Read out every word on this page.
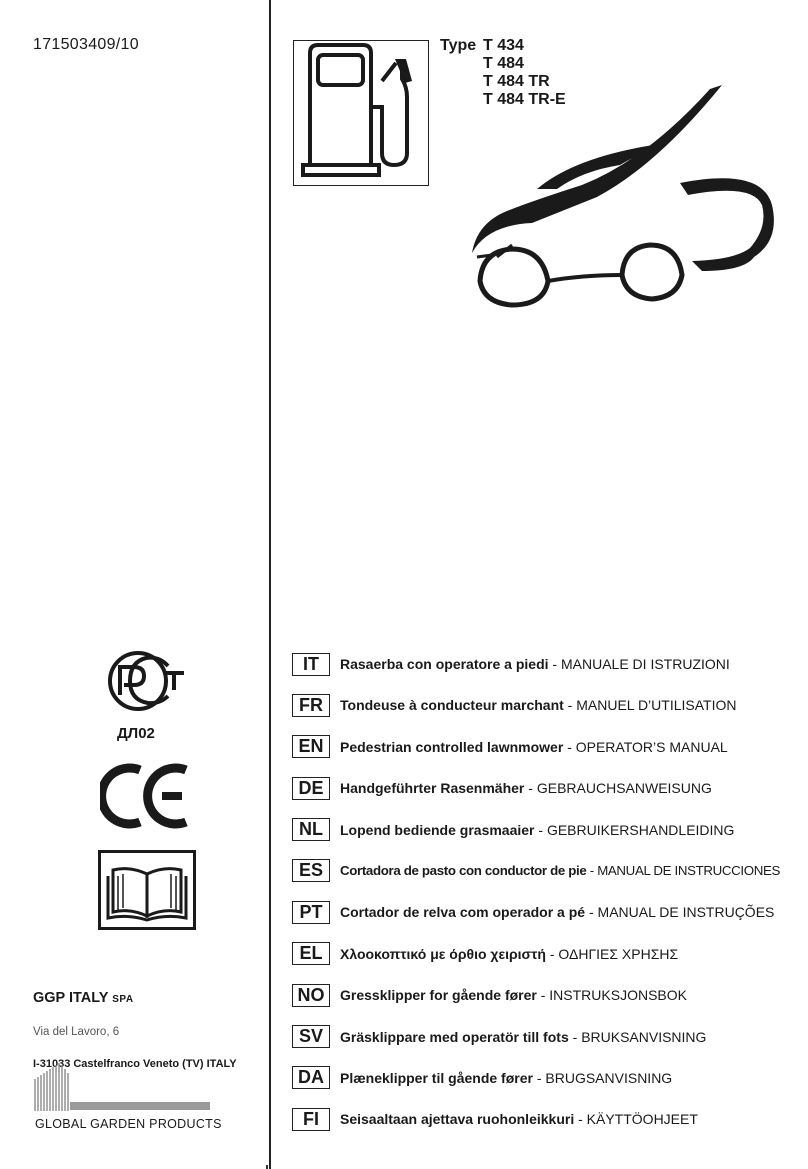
171503409/10	Type T 434
T 484
T 484 TR
T 484 TR-E
ДЛ02
GGP ITALY SPA
Via del Lavoro, 6
I-31033 Castelfranco Veneto (TV) ITALY
GLOBAL GARDEN PRODUCTS
IT	Rasaerba con operatore a piedi - MANUALE DI ISTRUZIONI
FR	Tondeuse à conducteur marchant - MANUEL D’UTILISATION
EN	Pedestrian controlled lawnmower - OPERATOR’S MANUAL
DE	Handgeführter Rasenmäher - GEBRAUCHSANWEISUNG
NL	Lopend bediende grasmaaier - GEBRUIKERSHANDLEIDING
ES	Cortadora de pasto con conductor de pie - MANUAL DE INSTRUCCIONES
PT	Cortador de relva com operador a pé - MANUAL DE INSTRUÇÕES
EL	Χλοοκοπτικό με όρθιο χειριστή - ΟΔΗΓΙΕΣ ΧΡΗΣΗΣ
NO	Gressklipper for gående fører - INSTRUKSJONSBOK
SV	Gräsklippare med operatör till fots - BRUKSANVISNING
DA	Plæneklipper til gående fører - BRUGSANVISNING
FI	Seisaaltaan ajettava ruohonleikkuri - KÄYTTÖOHJEET
